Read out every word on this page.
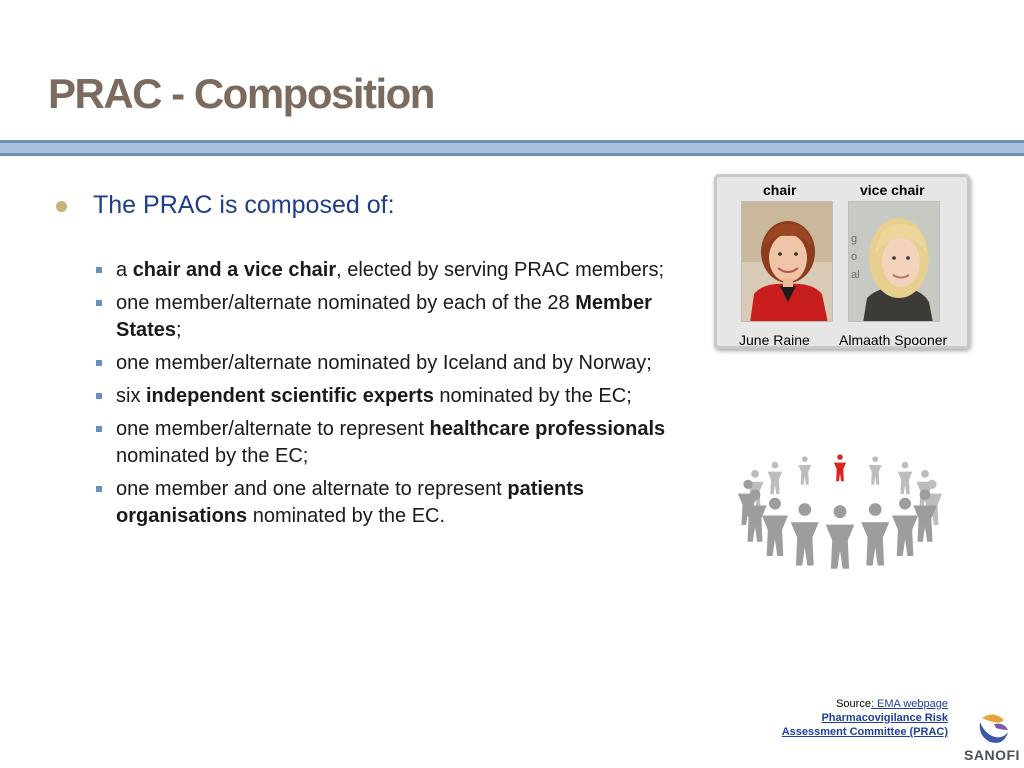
PRAC - Composition
The PRAC is composed of:
a chair and a vice chair, elected by serving PRAC members;
one member/alternate nominated by each of the 28 Member States;
one member/alternate nominated by Iceland and by Norway;
six independent scientific experts nominated by the EC;
one member/alternate to represent healthcare professionals nominated by the EC;
one member and one alternate to represent patients organisations nominated by the EC.
chair	vice chair
g
o
al
June Raine Almaath Spooner
Source: EMA webpage
Pharmacovigilance Risk
Assessment Committee (PRAC)
SANOFI
